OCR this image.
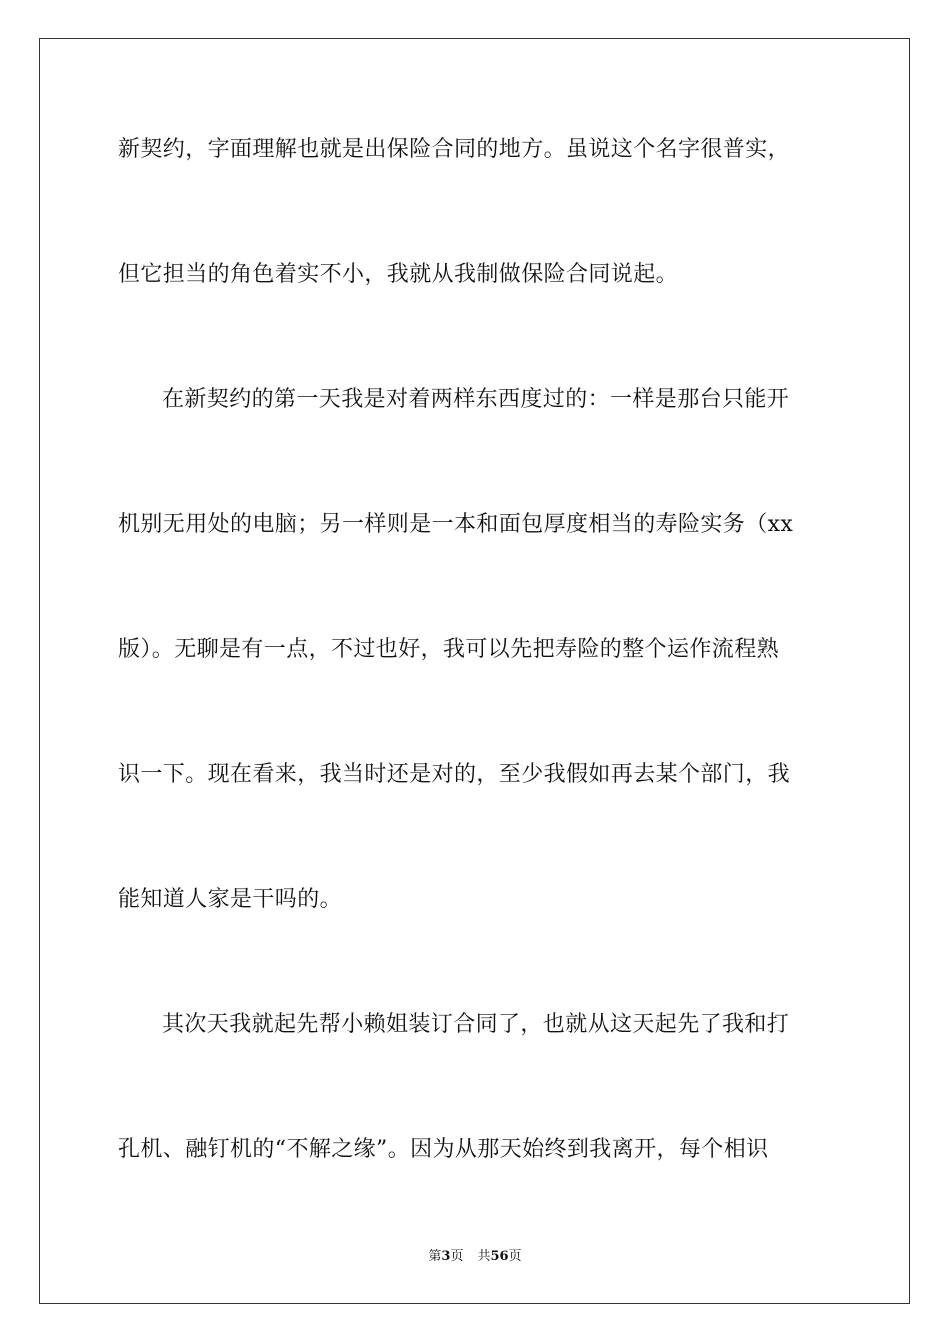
新契约，字面理解也就是出保险合同的地方。虽说这个名字很普实，
但它担当的角色着实不小，我就从我制做保险合同说起。
在新契约的第一天我是对着两样东西度过的：一样是那台只能开
机别无用处的电脑；另一样则是一本和面包厚度相当的寿险实务（xx
版）。无聊是有一点，不过也好，我可以先把寿险的整个运作流程熟
识一下。现在看来，我当时还是对的，至少我假如再去某个部门，我
能知道人家是干吗的。
其次天我就起先帮小赖姐装订合同了，也就从这天起先了我和打
孔机、融钉机的“不解之缘”。因为从那天始终到我离开，每个相识
第3页 共56页
